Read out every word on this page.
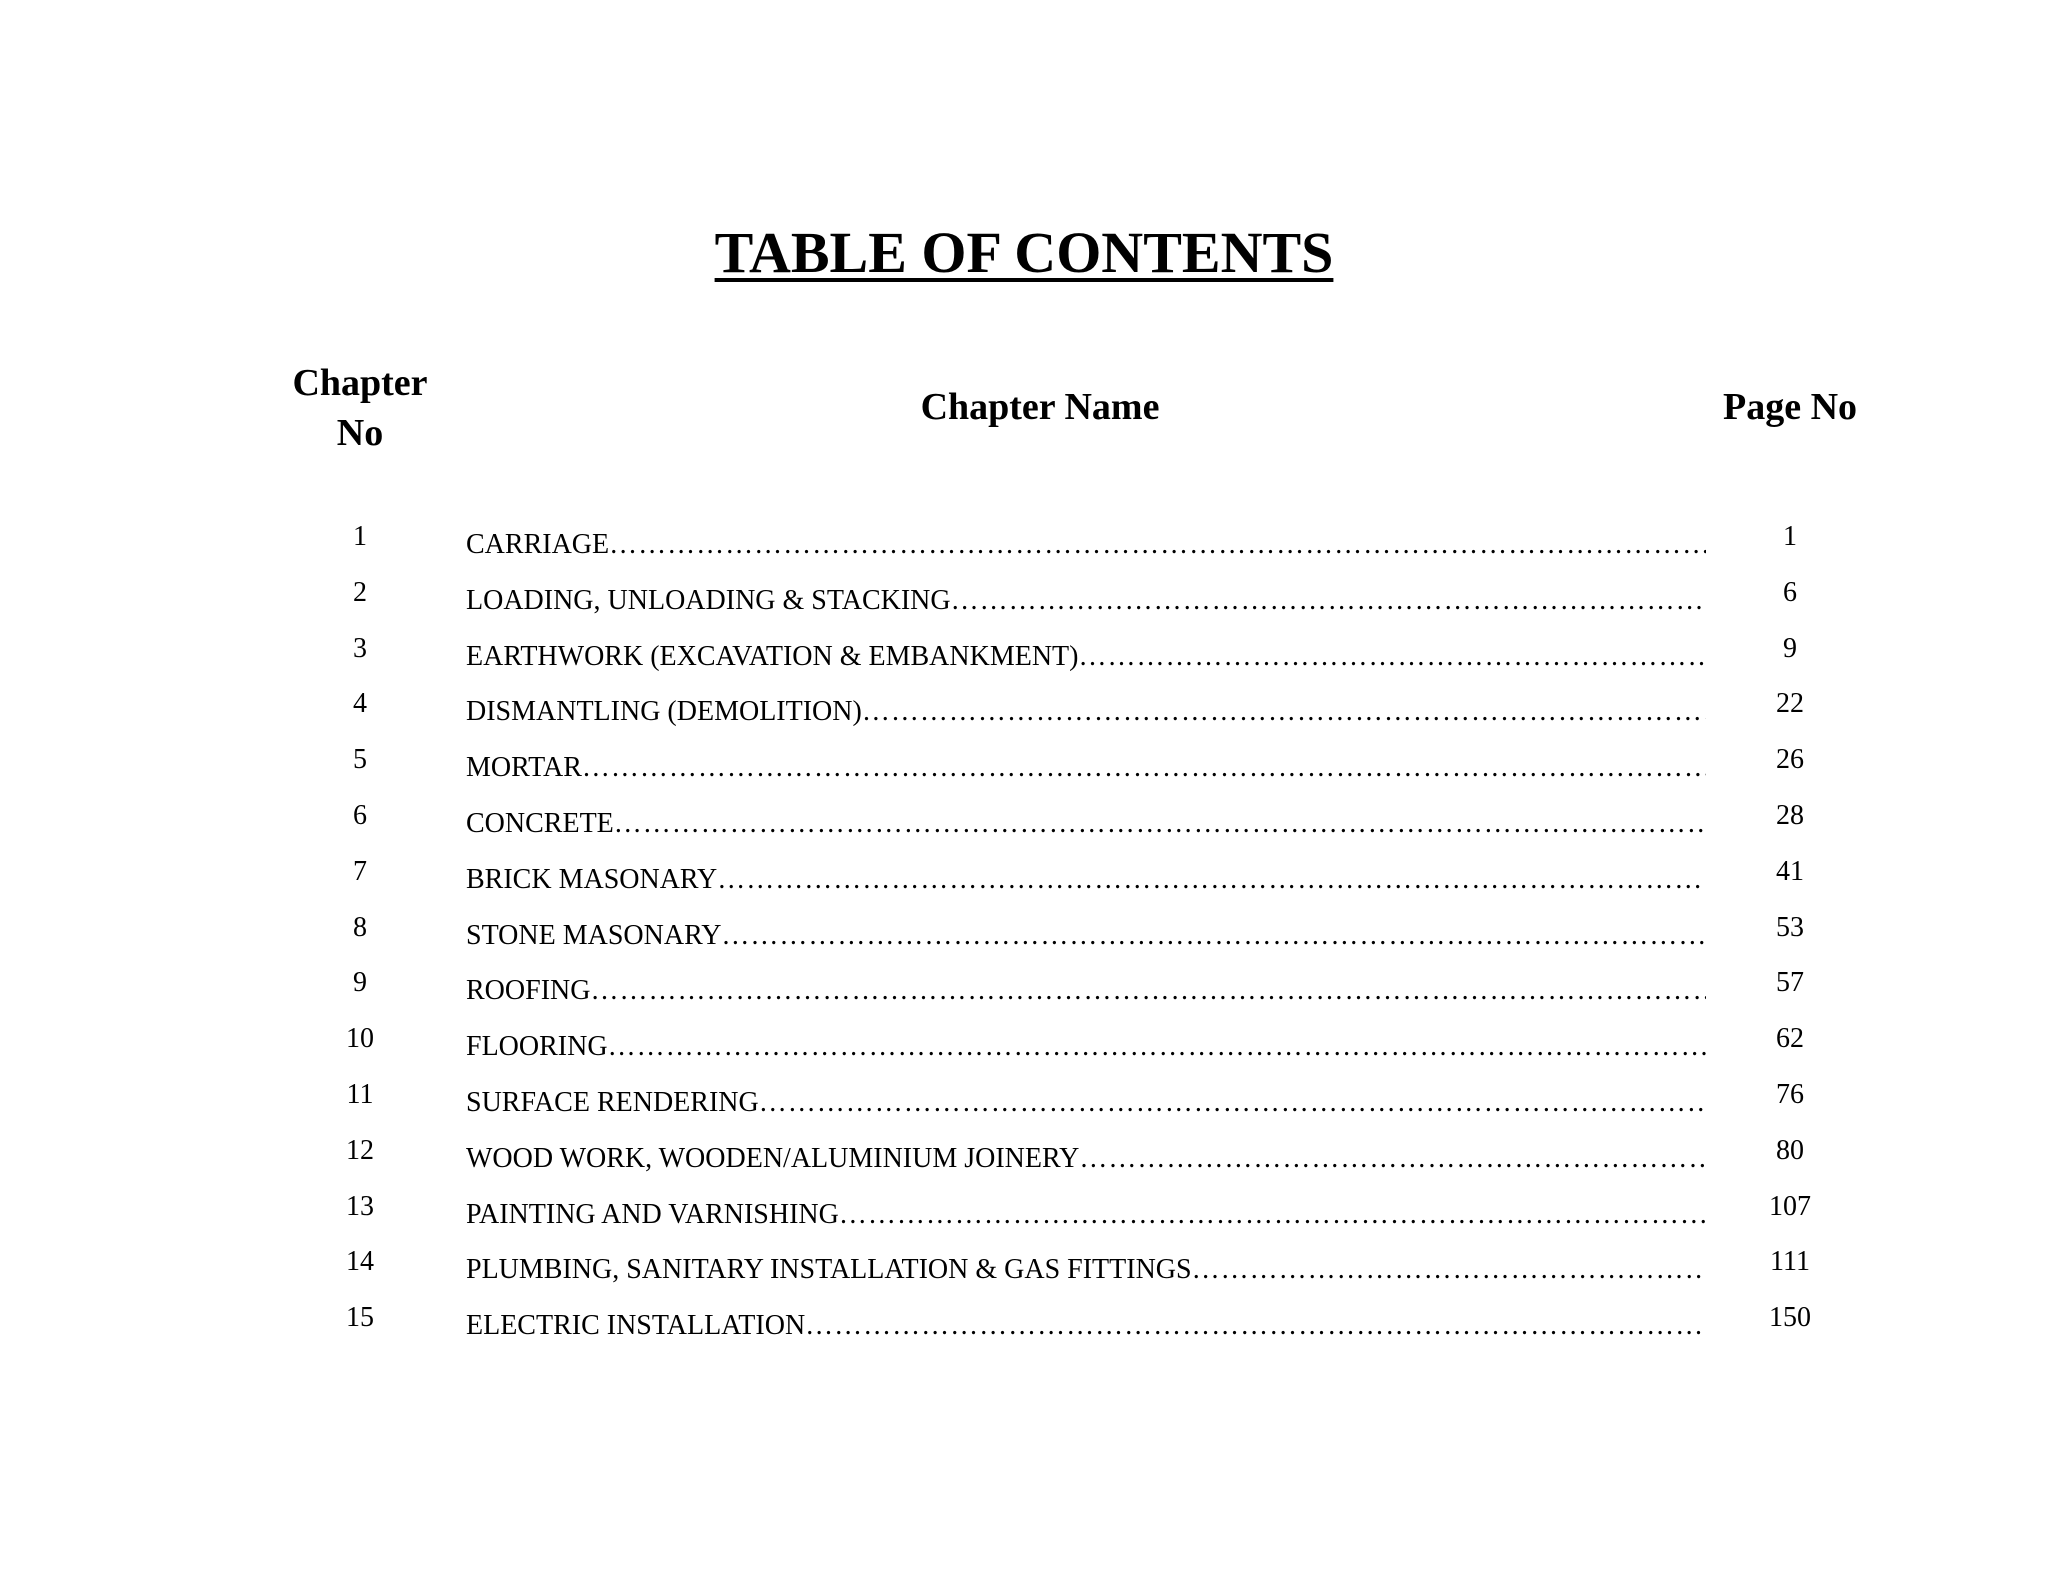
TABLE OF CONTENTS
Chapter
No
Chapter Name	Page No
1	CARRIAGE …………………………………………………………………………………………………………………………………………………………………………………………………	1
2	LOADING, UNLOADING & STACKING …………………………………………………………………………………………………………………………………………………………………………………………………	6
3	EARTHWORK (EXCAVATION & EMBANKMENT) …………………………………………………………………………………………………………………………………………………………………………………………………	9
4	DISMANTLING (DEMOLITION) …………………………………………………………………………………………………………………………………………………………………………………………………	22
5	MORTAR …………………………………………………………………………………………………………………………………………………………………………………………………	26
6	CONCRETE …………………………………………………………………………………………………………………………………………………………………………………………………	28
7	BRICK MASONARY …………………………………………………………………………………………………………………………………………………………………………………………………	41
8	STONE MASONARY …………………………………………………………………………………………………………………………………………………………………………………………………	53
9	ROOFING …………………………………………………………………………………………………………………………………………………………………………………………………	57
10	FLOORING …………………………………………………………………………………………………………………………………………………………………………………………………	62
11	SURFACE RENDERING …………………………………………………………………………………………………………………………………………………………………………………………………	76
12	WOOD WORK, WOODEN/ALUMINIUM JOINERY …………………………………………………………………………………………………………………………………………………………………………………………………	80
13	PAINTING AND VARNISHING …………………………………………………………………………………………………………………………………………………………………………………………………	107
14	PLUMBING, SANITARY INSTALLATION & GAS FITTINGS …………………………………………………………………………………………………………………………………………………………………………………………………	111
15	ELECTRIC INSTALLATION …………………………………………………………………………………………………………………………………………………………………………………………………	150
